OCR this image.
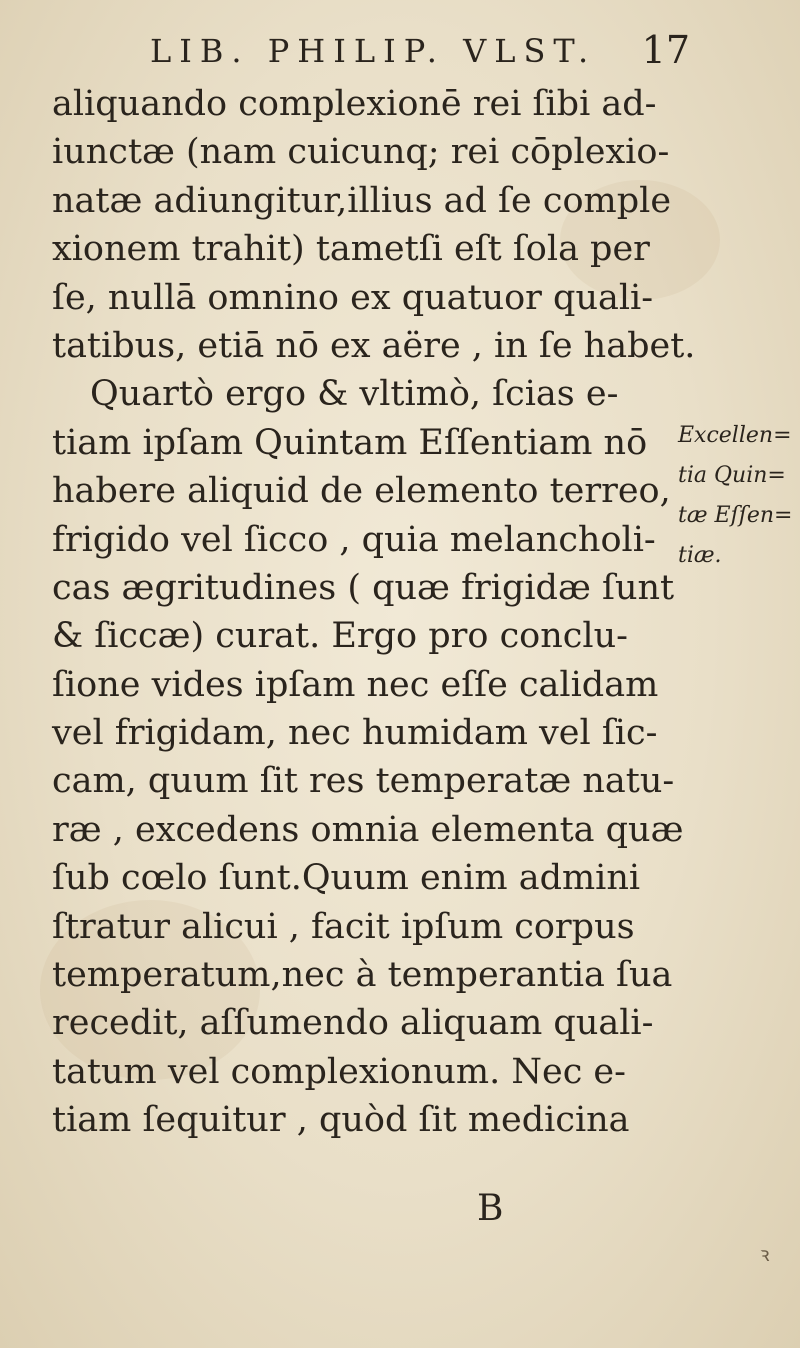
LIB. PHILIP. VLST. 17
aliquando complexionē rei ſibi ad-
iunctæ (nam cuicunq; rei cōplexio-
natæ adiungitur,illius ad ſe comple
xionem trahit) tametſi eſt ſola per
ſe, nullā omnino ex quatuor quali-
tatibus, etiā nō ex aëre , in ſe habet.
Quartò ergo & vltimò, ſcias e-
tiam ipſam Quintam Eſſentiam nō
habere aliquid de elemento terreo,
frigido vel ſicco , quia melancholi-
cas ægritudines ( quæ frigidæ ſunt
& ſiccæ) curat. Ergo pro conclu-
ſione vides ipſam nec eſſe calidam
vel frigidam, nec humidam vel ſic-
cam, quum ſit res temperatæ natu-
ræ , excedens omnia elementa quæ
ſub cœlo ſunt.Quum enim admini
ſtratur alicui , facit ipſum corpus
temperatum,nec à temperantia ſua
recedit, aſſumendo aliquam quali-
tatum vel complexionum. Nec e-
tiam ſequitur , quòd ſit medicina
Excellen=
tia Quin=
tæ Eſſen=
tiæ.
B
ꝛ
